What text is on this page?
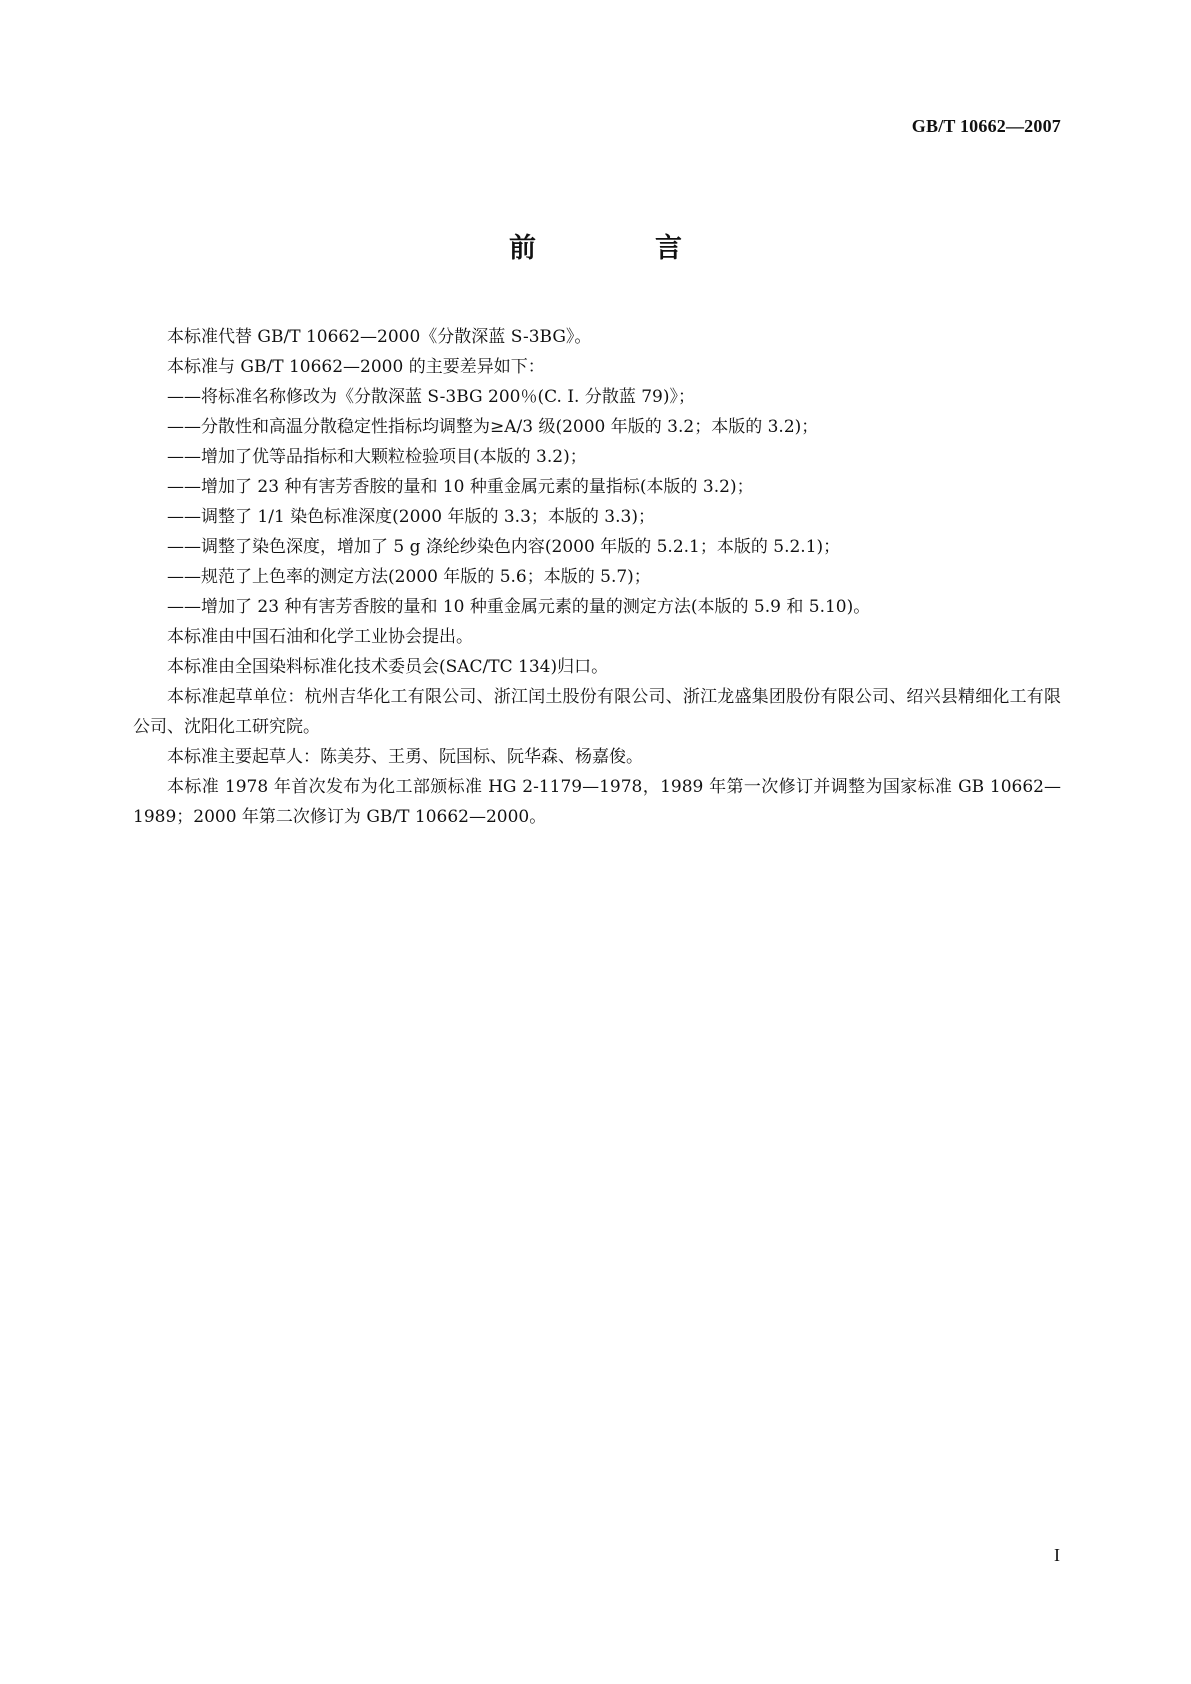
GB/T 10662—2007
前　言

本标准代替 GB/T 10662—2000《分散深蓝 S-3BG》。

本标准与 GB/T 10662—2000 的主要差异如下：

——将标准名称修改为《分散深蓝 S-3BG 200％(C. I. 分散蓝 79)》；

——分散性和高温分散稳定性指标均调整为≥A/3 级(2000 年版的 3.2；本版的 3.2)；

——增加了优等品指标和大颗粒检验项目(本版的 3.2)；

——增加了 23 种有害芳香胺的量和 10 种重金属元素的量指标(本版的 3.2)；

——调整了 1/1 染色标准深度(2000 年版的 3.3；本版的 3.3)；

——调整了染色深度，增加了 5 g 涤纶纱染色内容(2000 年版的 5.2.1；本版的 5.2.1)；

——规范了上色率的测定方法(2000 年版的 5.6；本版的 5.7)；

——增加了 23 种有害芳香胺的量和 10 种重金属元素的量的测定方法(本版的 5.9 和 5.10)。

本标准由中国石油和化学工业协会提出。

本标准由全国染料标准化技术委员会(SAC/TC 134)归口。

本标准起草单位：杭州吉华化工有限公司、浙江闰土股份有限公司、浙江龙盛集团股份有限公司、绍兴县精细化工有限公司、沈阳化工研究院。

本标准主要起草人：陈美芬、王勇、阮国标、阮华森、杨嘉俊。

本标准 1978 年首次发布为化工部颁标准 HG 2-1179—1978，1989 年第一次修订并调整为国家标准 GB 10662—1989；2000 年第二次修订为 GB/T 10662—2000。

I
